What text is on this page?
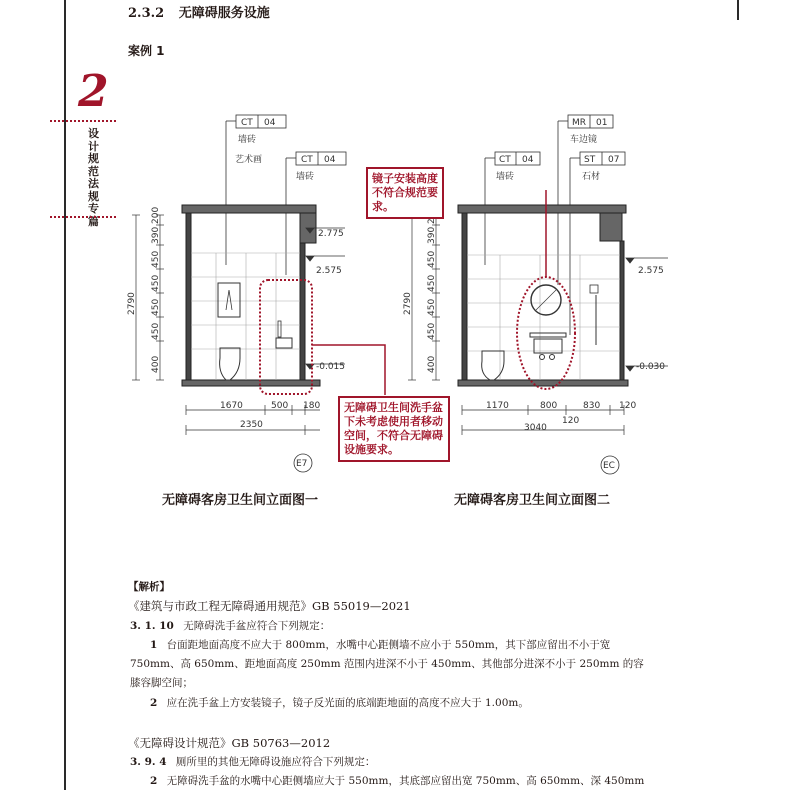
2.3.2 无障碍服务设施
案例 1
2
设计规范法规专篇
CT 04
墙砖
艺术画	CT 04
墙砖
200
390
450
450
450
450
400
2790
2.775
2.575
-0.015
1670	500 180
2350
E7
CT 04
墙砖
MR 01
车边镜
ST 07
石材
390
450
450
450
450
400
2790
2.575
-0.030
1170	800	830 120
120
3040
EC
镜子安装高度不符合规范要求。
无障碍卫生间洗手盆下未考虑使用者移动空间，不符合无障碍设施要求。
无障碍客房卫生间立面图一	无障碍客房卫生间立面图二
【解析】
《建筑与市政工程无障碍通用规范》GB 55019—2021
3. 1. 10 无障碍洗手盆应符合下列规定：
1 台面距地面高度不应大于 800mm，水嘴中心距侧墙不应小于 550mm，其下部应留出不小于宽
750mm、高 650mm、距地面高度 250mm 范围内进深不小于 450mm、其他部分进深不小于 250mm 的容
膝容脚空间；
2 应在洗手盆上方安装镜子，镜子反光面的底端距地面的高度不应大于 1.00m。
《无障碍设计规范》GB 50763—2012
3. 9. 4 厕所里的其他无障碍设施应符合下列规定：
2 无障碍洗手盆的水嘴中心距侧墙应大于 550mm，其底部应留出宽 750mm、高 650mm、深 450mm
